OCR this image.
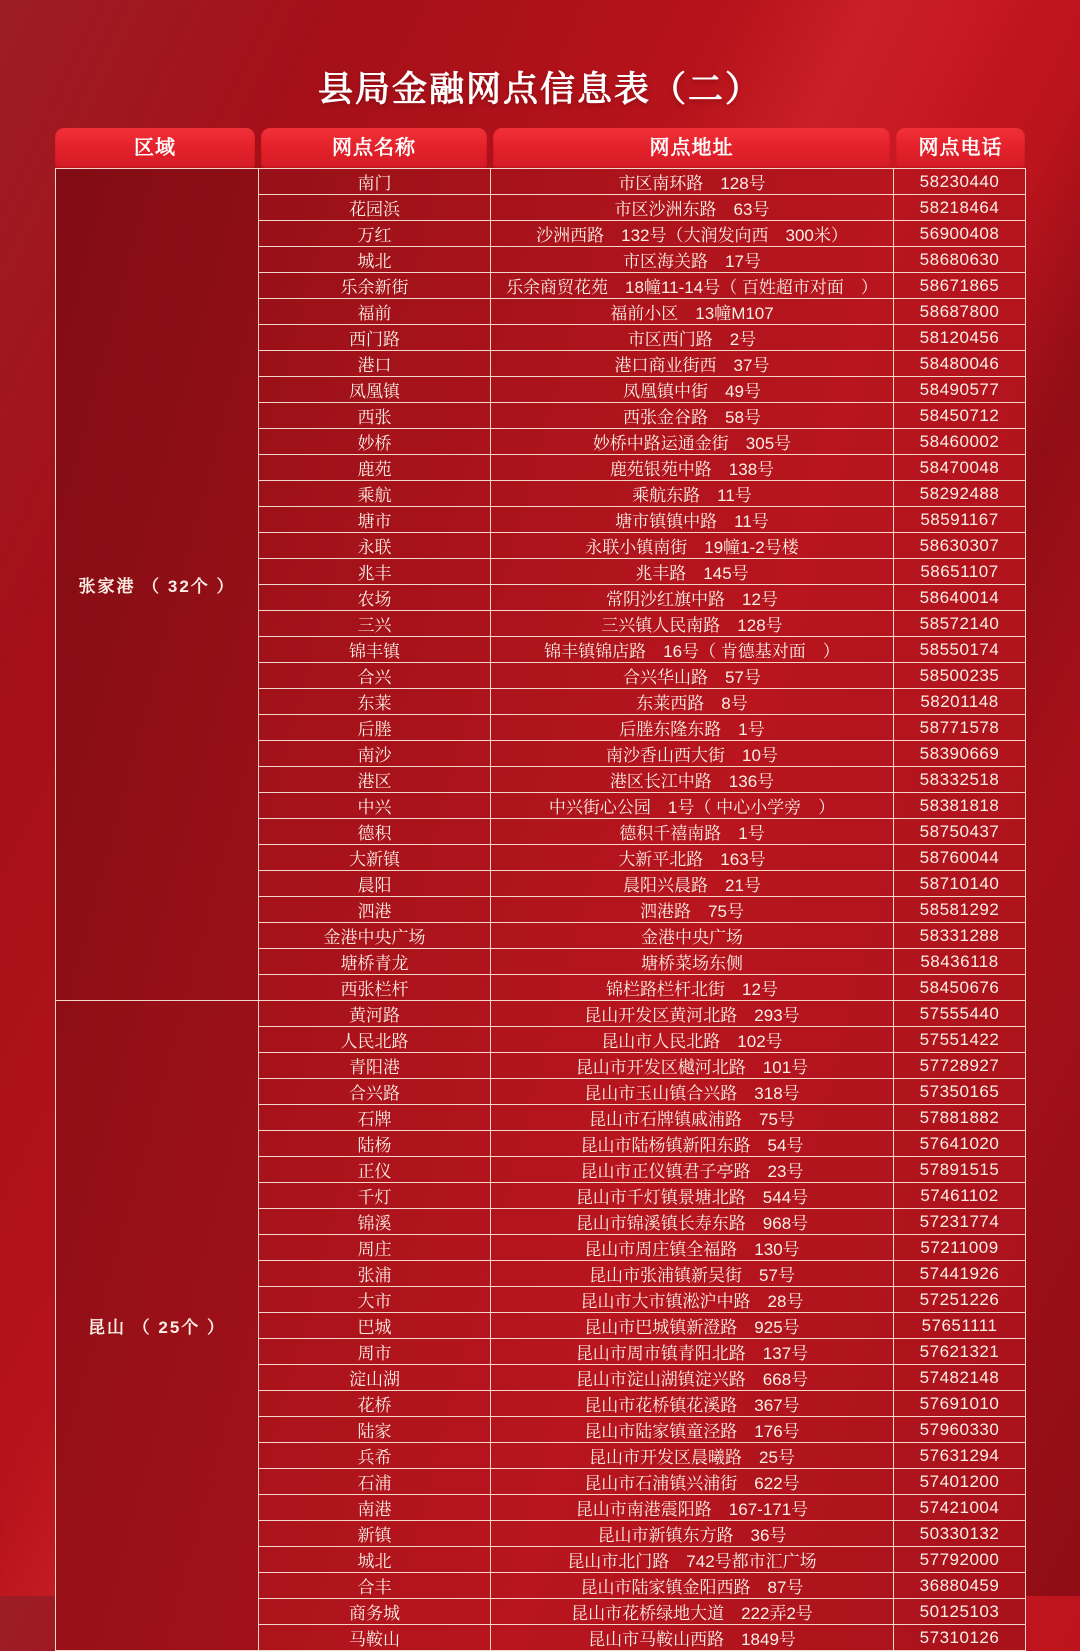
县局金融网点信息表（二）
区域	网点名称	网点地址	网点电话
张家港 （ 32个 ）	南门	市区南环路　128号	58230440
	花园浜	市区沙洲东路　63号	58218464
	万红	沙洲西路　132号（大润发向西　300米）	56900408
	城北	市区海关路　17号	58680630
	乐余新街	乐余商贸花苑　18幢11-14号（ 百姓超市对面　）	58671865
	福前	福前小区　13幢M107	58687800
	西门路	市区西门路　2号	58120456
	港口	港口商业街西　37号	58480046
	凤凰镇	凤凰镇中街　49号	58490577
	西张	西张金谷路　58号	58450712
	妙桥	妙桥中路运通金街　305号	58460002
	鹿苑	鹿苑银苑中路　138号	58470048
	乘航	乘航东路　11号	58292488
	塘市	塘市镇镇中路　11号	58591167
	永联	永联小镇南街　19幢1-2号楼	58630307
	兆丰	兆丰路　145号	58651107
	农场	常阴沙红旗中路　12号	58640014
	三兴	三兴镇人民南路　128号	58572140
	锦丰镇	锦丰镇锦店路　16号（ 肯德基对面　）	58550174
	合兴	合兴华山路　57号	58500235
	东莱	东莱西路　8号	58201148
	后塍	后塍东隆东路　1号	58771578
	南沙	南沙香山西大街　10号	58390669
	港区	港区长江中路　136号	58332518
	中兴	中兴街心公园　1号（ 中心小学旁　）	58381818
	德积	德积千禧南路　1号	58750437
	大新镇	大新平北路　163号	58760044
	晨阳	晨阳兴晨路　21号	58710140
	泗港	泗港路　75号	58581292
	金港中央广场	金港中央广场	58331288
	塘桥青龙	塘桥菜场东侧	58436118
	西张栏杆	锦栏路栏杆北街　12号	58450676
昆山 （ 25个 ）	黄河路	昆山开发区黄河北路　293号	57555440
	人民北路	昆山市人民北路　102号	57551422
	青阳港	昆山市开发区樾河北路　101号	57728927
	合兴路	昆山市玉山镇合兴路　318号	57350165
	石牌	昆山市石牌镇戚浦路　75号	57881882
	陆杨	昆山市陆杨镇新阳东路　54号	57641020
	正仪	昆山市正仪镇君子亭路　23号	57891515
	千灯	昆山市千灯镇景塘北路　544号	57461102
	锦溪	昆山市锦溪镇长寿东路　968号	57231774
	周庄	昆山市周庄镇全福路　130号	57211009
	张浦	昆山市张浦镇新吴街　57号	57441926
	大市	昆山市大市镇淞沪中路　28号	57251226
	巴城	昆山市巴城镇新澄路　925号	57651111
	周市	昆山市周市镇青阳北路　137号	57621321
	淀山湖	昆山市淀山湖镇淀兴路　668号	57482148
	花桥	昆山市花桥镇花溪路　367号	57691010
	陆家	昆山市陆家镇童泾路　176号	57960330
	兵希	昆山市开发区晨曦路　25号	57631294
	石浦	昆山市石浦镇兴浦街　622号	57401200
	南港	昆山市南港震阳路　167-171号	57421004
	新镇	昆山市新镇东方路　36号	50330132
	城北	昆山市北门路　742号都市汇广场	57792000
	合丰	昆山市陆家镇金阳西路　87号	36880459
	商务城	昆山市花桥绿地大道　222弄2号	50125103
	马鞍山	昆山市马鞍山西路　1849号	57310126
